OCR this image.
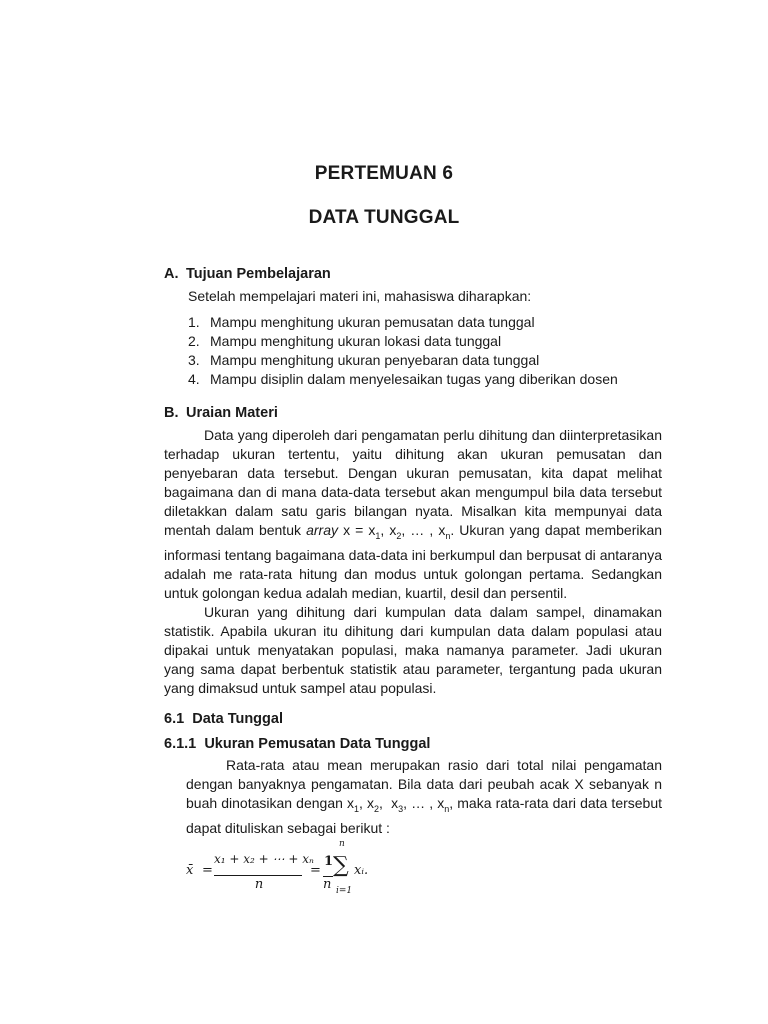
PERTEMUAN 6
DATA TUNGGAL
A. Tujuan Pembelajaran

Setelah mempelajari materi ini, mahasiswa diharapkan:

1. Mampu menghitung ukuran pemusatan data tunggal
2. Mampu menghitung ukuran lokasi data tunggal
3. Mampu menghitung ukuran penyebaran data tunggal
4. Mampu disiplin dalam menyelesaikan tugas yang diberikan dosen
B. Uraian Materi

Data yang diperoleh dari pengamatan perlu dihitung dan diinterpretasikan terhadap ukuran tertentu, yaitu dihitung akan ukuran pemusatan dan penyebaran data tersebut. Dengan ukuran pemusatan, kita dapat melihat bagaimana dan di mana data-data tersebut akan mengumpul bila data tersebut diletakkan dalam satu garis bilangan nyata. Misalkan kita mempunyai data mentah dalam bentuk array $x = x_1$, $x_2$, … , $x_n$. Ukuran yang dapat memberikan informasi tentang bagaimana data-data ini berkumpul dan berpusat di antaranya adalah me rata-rata hitung dan modus untuk golongan pertama. Sedangkan untuk golongan kedua adalah median, kuartil, desil dan persentil.

Ukuran yang dihitung dari kumpulan data dalam sampel, dinamakan statistik. Apabila ukuran itu dihitung dari kumpulan data dalam populasi atau dipakai untuk menyatakan populasi, maka namanya parameter. Jadi ukuran yang sama dapat berbentuk statistik atau parameter, tergantung pada ukuran yang dimaksud untuk sampel atau populasi.

6.1 Data Tunggal
6.1.1 Ukuran Pemusatan Data Tunggal

Rata-rata atau mean merupakan rasio dari total nilai pengamatan dengan banyaknya pengamatan. Bila data dari peubah acak X sebanyak n buah dinotasikan dengan $x_1$, $x_2$,  $x_3$, … , $x_n$, maka rata-rata dari data tersebut dapat dituliskan sebagai berikut :

x̄ =
x₁ + x₂ + ⋯ + xₙ
n
=
1
n
n
∑
i=1
xᵢ.
